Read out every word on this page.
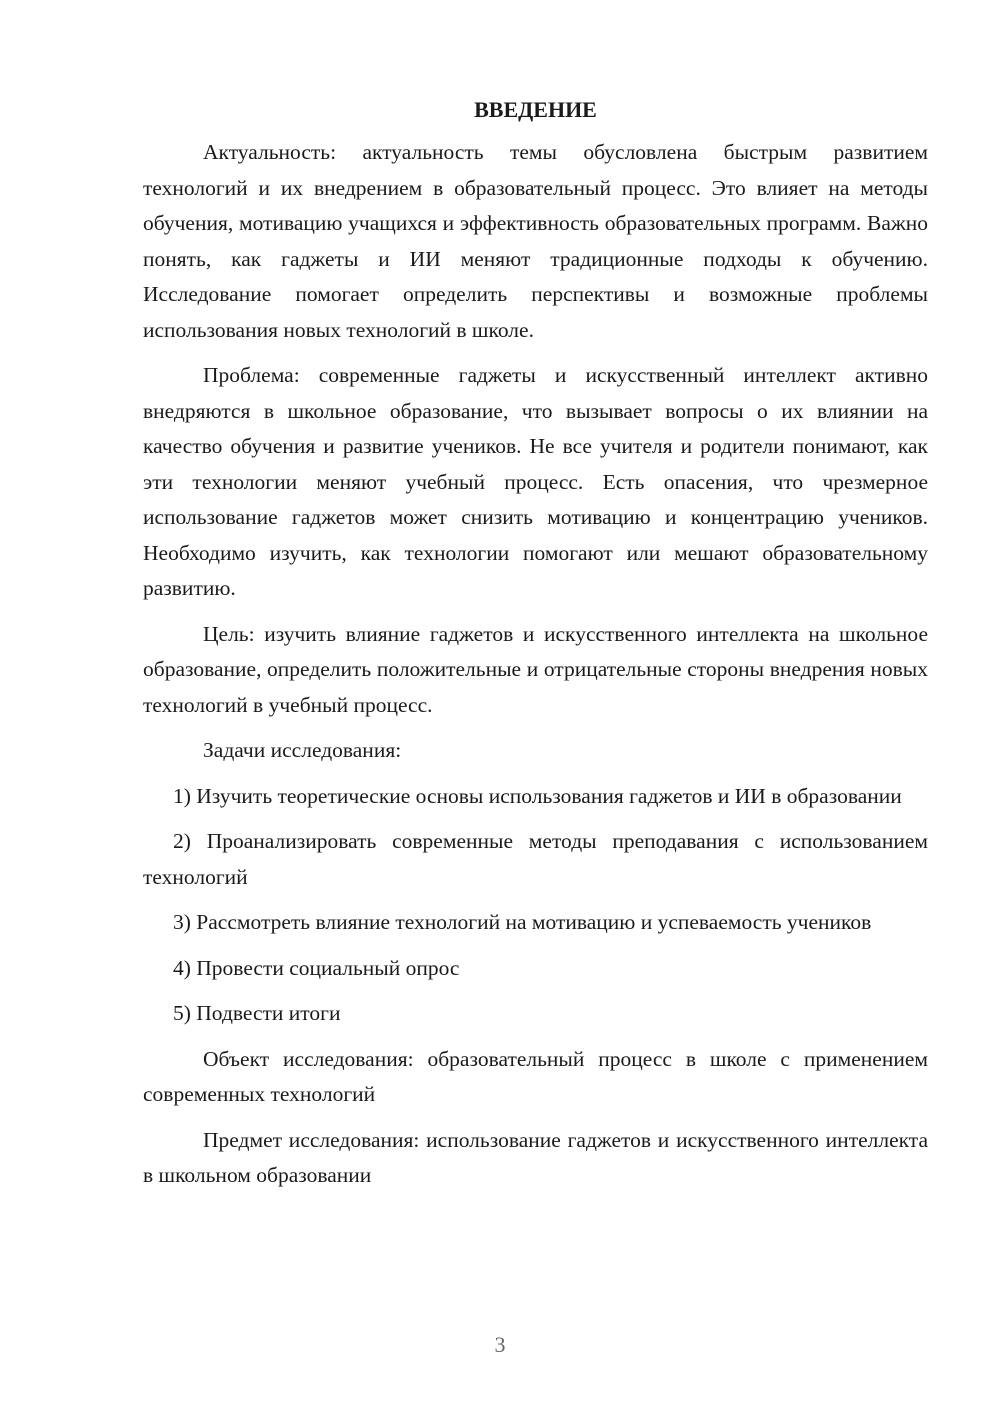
ВВЕДЕНИЕ

Актуальность: актуальность темы обусловлена быстрым развитием технологий и их внедрением в образовательный процесс. Это влияет на методы обучения, мотивацию учащихся и эффективность образовательных программ. Важно понять, как гаджеты и ИИ меняют традиционные подходы к обучению. Исследование помогает определить перспективы и возможные проблемы использования новых технологий в школе.

Проблема: современные гаджеты и искусственный интеллект активно внедряются в школьное образование, что вызывает вопросы о их влиянии на качество обучения и развитие учеников. Не все учителя и родители понимают, как эти технологии меняют учебный процесс. Есть опасения, что чрезмерное использование гаджетов может снизить мотивацию и концентрацию учеников. Необходимо изучить, как технологии помогают или мешают образовательному развитию.

Цель: изучить влияние гаджетов и искусственного интеллекта на школьное образование, определить положительные и отрицательные стороны внедрения новых технологий в учебный процесс.

Задачи исследования:

1) Изучить теоретические основы использования гаджетов и ИИ в образовании

2) Проанализировать современные методы преподавания с использованием технологий

3) Рассмотреть влияние технологий на мотивацию и успеваемость учеников

4) Провести социальный опрос

5) Подвести итоги

Объект исследования: образовательный процесс в школе с применением современных технологий

Предмет исследования: использование гаджетов и искусственного интеллекта в школьном образовании

3
